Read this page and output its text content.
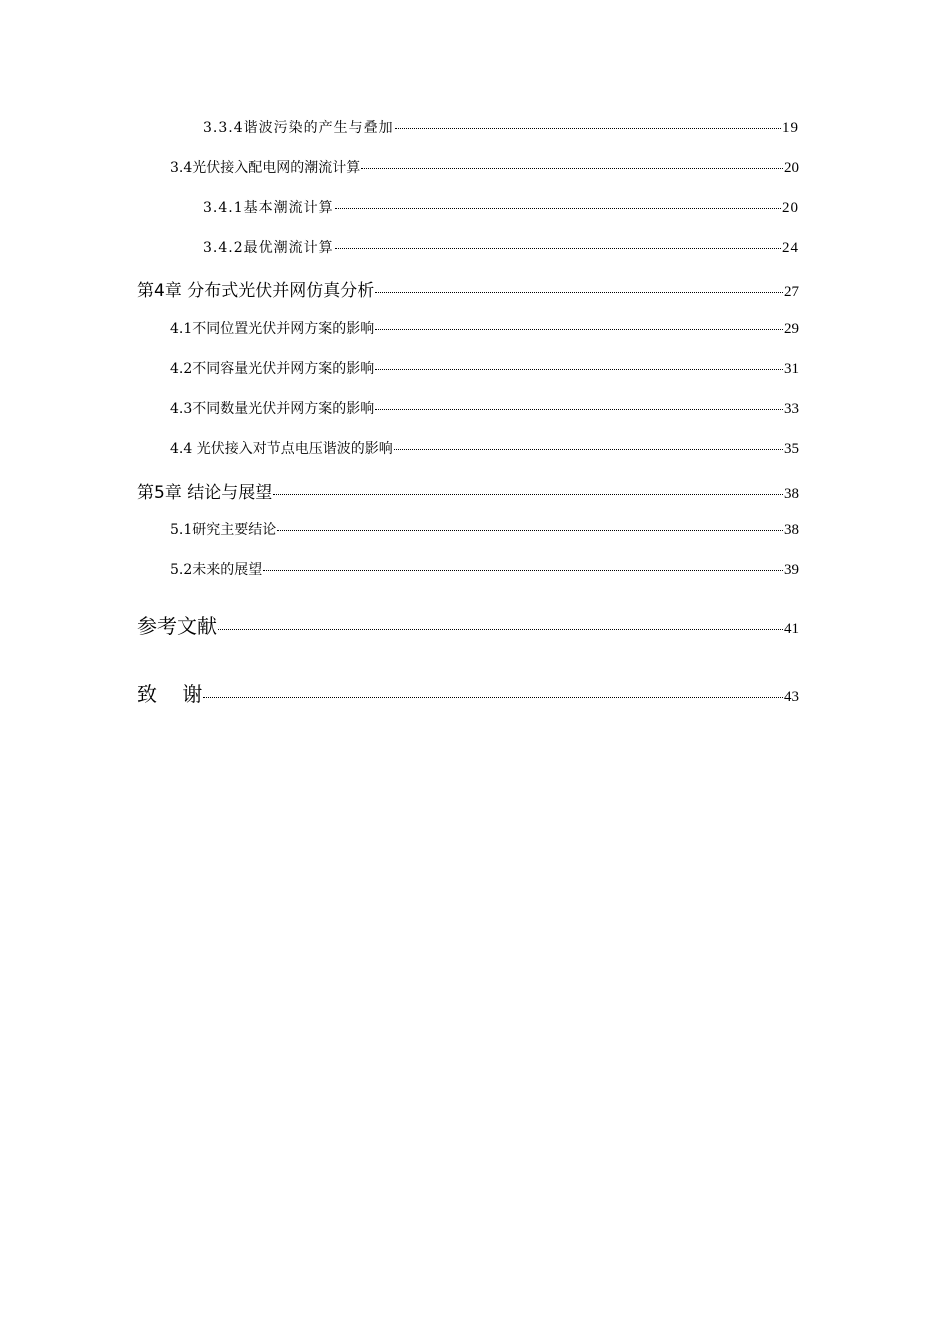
3.3.4谐波污染的产生与叠加	19
3.4光伏接入配电网的潮流计算	20
3.4.1基本潮流计算	20
3.4.2最优潮流计算	24
第4章 分布式光伏并网仿真分析	27
4.1不同位置光伏并网方案的影响	29
4.2不同容量光伏并网方案的影响	31
4.3不同数量光伏并网方案的影响	33
4.4 光伏接入对节点电压谐波的影响	35
第5章 结论与展望	38
5.1研究主要结论	38
5.2未来的展望	39
参考文献	41
致    谢	43
